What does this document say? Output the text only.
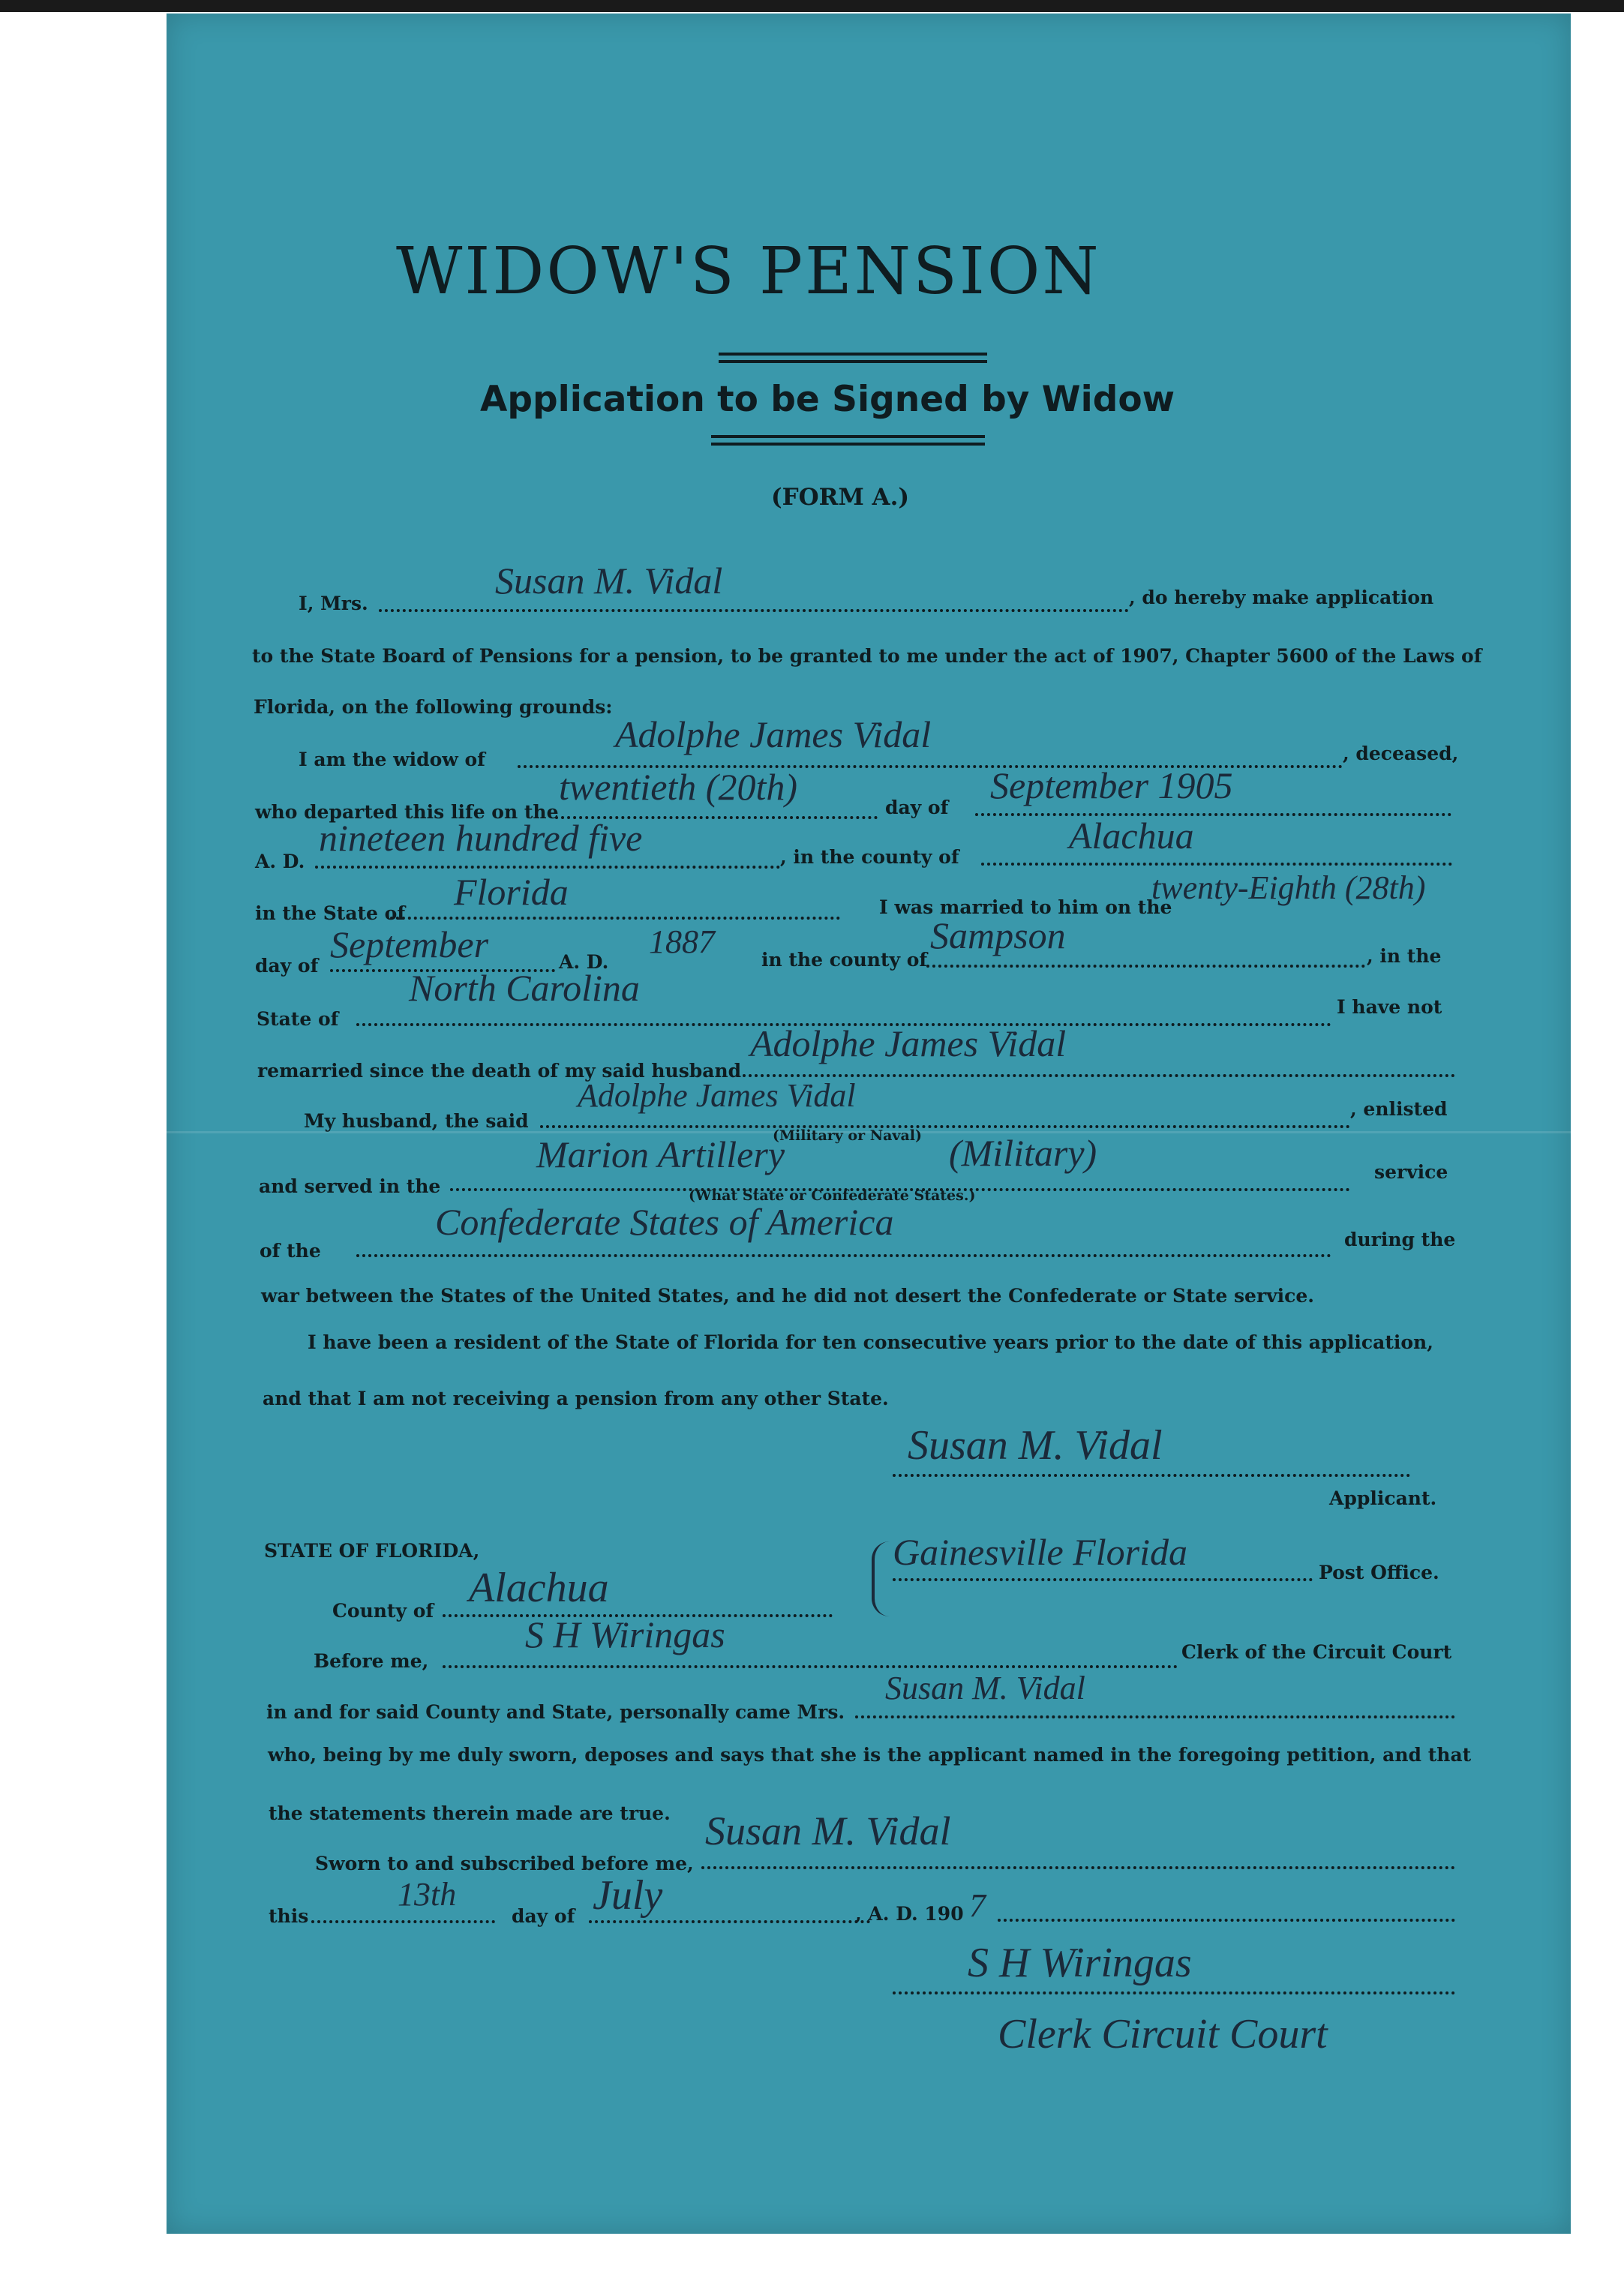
WIDOW'S PENSION
Application to be Signed by Widow
(FORM A.)
I, Mrs.
Susan M. Vidal	, do hereby make application
to the State Board of Pensions for a pension, to be granted to me under the act of 1907, Chapter 5600 of the Laws of
Florida, on the following grounds:
I am the widow of
Adolphe James Vidal	, deceased,
who departed this life on the
twentieth (20th)	day of
September 1905
A. D.
nineteen hundred five	, in the county of
Alachua
in the State of
Florida	I was married to him on the
twenty-Eighth (28th)
day of
September	A. D.
1887 in the county of
Sampson	, in the
State of
North Carolina	I have not
remarried since the death of my said husband
Adolphe James Vidal
My husband, the said
Adolphe James Vidal	, enlisted
(Military or Naval)
and served in the
Marion Artillery	(Military)	service
(What State or Confederate States.)
of the
Confederate States of America	during the
war between the States of the United States, and he did not desert the Confederate or State service.
I have been a resident of the State of Florida for ten consecutive years prior to the date of this application,
and that I am not receiving a pension from any other State.
Susan M. Vidal
Applicant.
STATE OF FLORIDA,	Gainesville Florida	Post Office.
County of Alachua
Before me,
S H Wiringas	Clerk of the Circuit Court
in and for said County and State, personally came Mrs.
Susan M. Vidal
who, being by me duly sworn, deposes and says that she is the applicant named in the foregoing petition, and that
the statements therein made are true.
Sworn to and subscribed before me,
Susan M. Vidal
this
13th
day of July	, A. D. 190 7
S H Wiringas
Clerk Circuit Court
